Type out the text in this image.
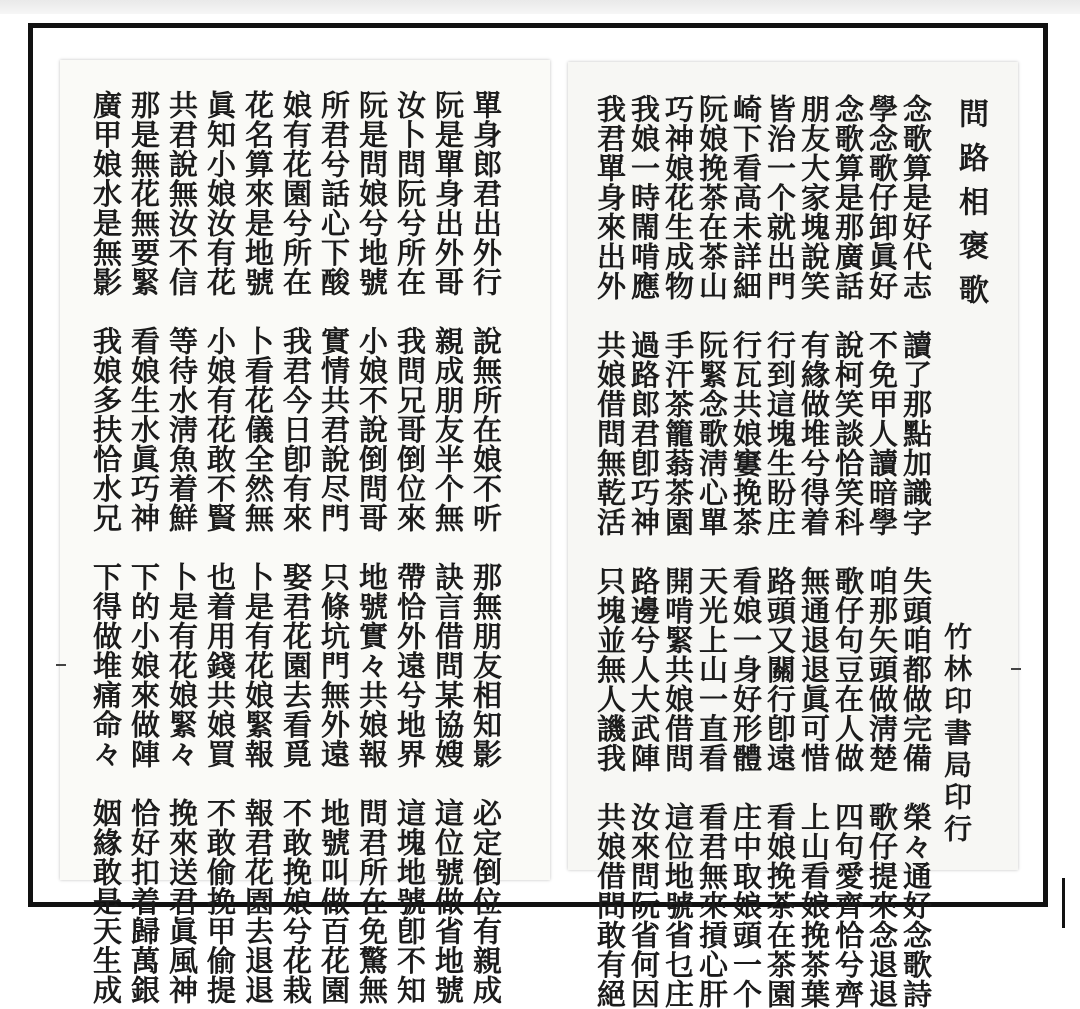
問路相褒歌
竹林印書局印行
念歌算是好代志　讀了那點加識字　失頭咱都做完備　榮々通好念歌詩
學念歌仔卸眞好　不免甲人讀暗學　咱那矢頭做淸楚　歌仔提來念退退
念歌算是那廣話　說柯笑談恰笑科　歌仔句豆在人做　四句愛齊恰兮齊
朋友大家塊說笑　有緣做堆兮得着　無通退退眞可惜　上山看娘挽茶葉
皆治一个就出門　行到這塊生盼庄　路頭又關行卽遠　看娘挽茶在茶園
崎下看高未詳細　行瓦共娘窶挽茶　看娘一身好形體　庄中取娘頭一个
阮娘挽茶在茶山　阮緊念歌淸心單　天光上山一直看　看君無來摃心肝
巧神娘花生成物　手汗茶籠蓊茶園　開啃緊共娘借問　這位地號省乜庄
我娘一時閙啃應　過路郎君卽巧神　路邊兮人大武陣　汝來問阮省何因
我君單身來出外　共娘借問無乾活　只塊並無人譏我　共娘借問敢有絕
單身郎君出外行　說無所在娘不听　那無朋友相知影　必定倒位有親成
阮是單身出外哥　親成朋友半个無　訣言借問某協嫂　這位號做省地號
汝卜問阮兮所在　我問兄哥倒位來　帶恰外遠兮地界　這塊地號卽不知
阮是問娘兮地號　小娘不說倒問哥　地號實々共娘報　問君所在免驚無
所君兮話心下酸　實情共君說尽門　只條坑門無外遠　地號叫做百花園
娘有花園兮所在　我君今日卽有來　娶君花園去看覓　不敢挽娘兮花栽
花名算來是地號　卜看花儀全然無　卜是有花娘緊報　報君花園去退退
眞知小娘汝有花　小娘有花敢不賢　也着用錢共娘買　不敢偷挽甲偷提
共君說無汝不信　等待水淸魚着鮮　卜是有花娘緊々　挽來送君眞風神
那是無花無要緊　看娘生水眞巧神　下的小娘來做陣　恰好扣着歸萬銀
廣甲娘水是無影　我娘多扶恰水兄　下得做堆痛命々　姻緣敢是天生成
